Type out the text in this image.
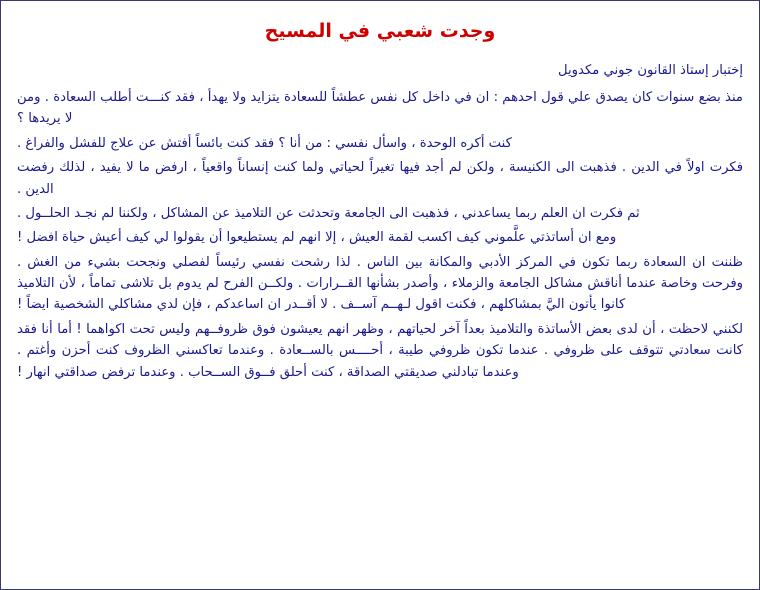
وجدت شعبي في المسيح

إختبار إستاذ القانون جوني مكدويل

منذ بضع سنوات كان يصدق علي قول احدهم : ان في داخل كل نفس عطشاً للسعادة يتزايد ولا يهدأ ، فقد كنـــت أطلب السعادة . ومن لا يريدها ؟

كنت أكره الوحدة ، واسأل نفسي : من أنا ؟ فقد كنت بائساً أفتش عن علاج للفشل والفراغ .

فكرت اولاً في الدين . فذهبت الى الكنيسة ، ولكن لم أجد فيها تغيراً لحياتي ولما كنت إنساناً واقعياً ، ارفض ما لا يفيد ، لذلك رفضت الدين .

ثم فكرت ان العلم ربما يساعدني ، فذهبت الى الجامعة وتحدثت عن التلاميذ عن المشاكل ، ولكننا لم نجـد الحلــول .

ومع ان أساتذتي علَّموني كيف اكسب لقمة العيش ، إلا انهم لم يستطيعوا أن يقولوا لي كيف أعيش حياة افضل !

ظننت ان السعادة ربما تكون في المركز الأدبي والمكانة بين الناس . لذا رشحت نفسي رئيساً لفصلي ونجحت بشيء من الغش . وفرحت وخاصة عندما أناقش مشاكل الجامعة والزملاء ، وأصدر بشأنها القــرارات . ولكــن الفرح لم يدوم بل تلاشى تماماً ، لأن التلاميذ كانوا يأتون اليَّ بمشاكلهم ، فكنت اقول لـهــم آســف . لا أقــدر ان اساعدكم ، فإن لدي مشاكلي الشخصية ايضاً !

لكنني لاحظت ، أن لدى بعض الأساتذة والتلاميذ بعداً آخر لحياتهم ، وظهر انهم يعيشون فوق ظروفــهم وليس تحت اكواهما ! أما أنا فقد كانت سعادتي تتوقف على ظروفي . عندما تكون ظروفي طيبة ، أحــــس بالســعادة . وعندما تعاكسني الظروف كنت أحزن وأغتم . وعندما تبادلني صديقتي الصداقة ، كنت أحلق فــوق الســحاب . وعندما ترفض صداقتي انهار !
